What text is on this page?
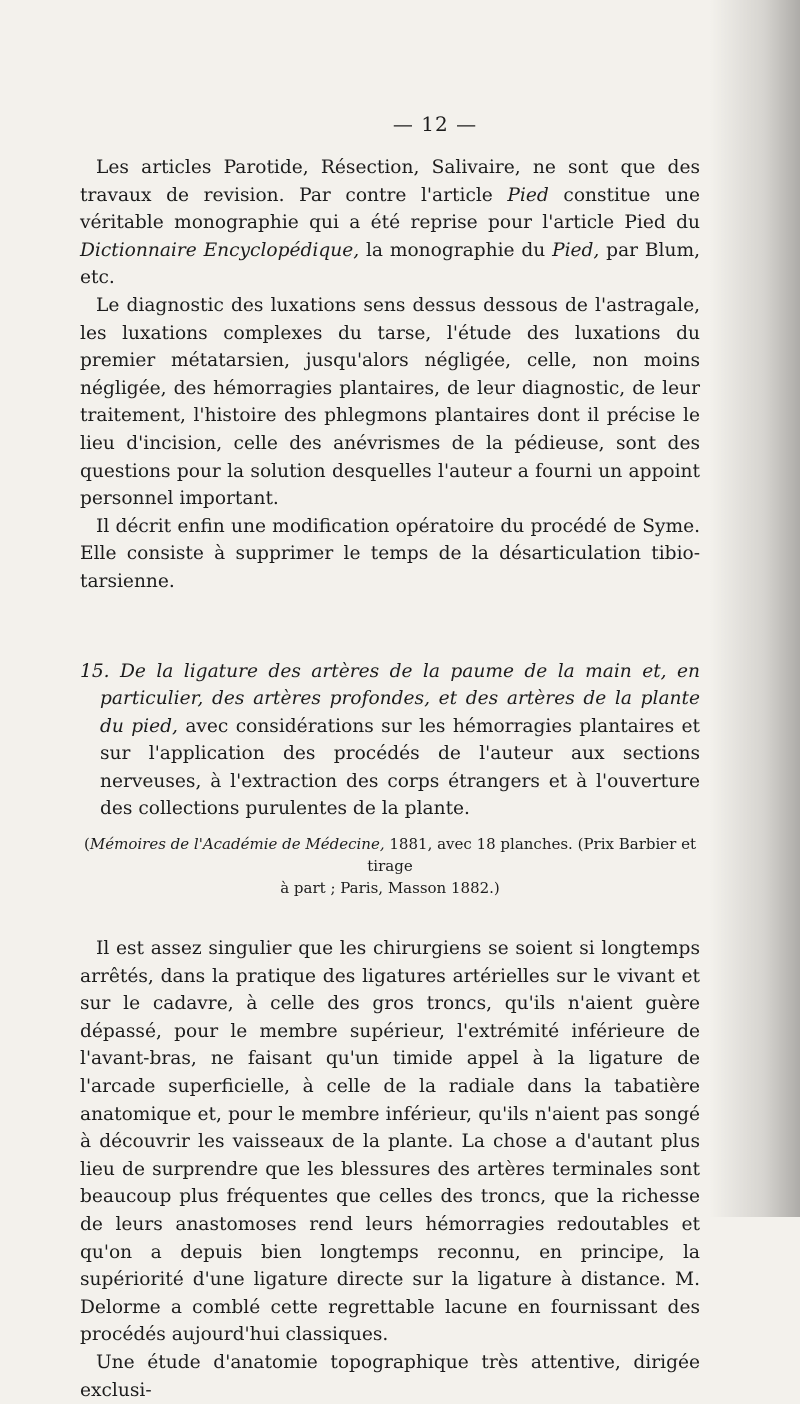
— 12 —

Les articles Parotide, Résection, Salivaire, ne sont que des travaux de revision. Par contre l'article Pied constitue une véritable monographie qui a été reprise pour l'article Pied du Dictionnaire Encyclopédique, la monographie du Pied, par Blum, etc.

Le diagnostic des luxations sens dessus dessous de l'astragale, les luxations complexes du tarse, l'étude des luxations du premier métatarsien, jusqu'alors négligée, celle, non moins négligée, des hémorragies plantaires, de leur diagnostic, de leur traitement, l'histoire des phlegmons plantaires dont il précise le lieu d'incision, celle des anévrismes de la pédieuse, sont des questions pour la solution desquelles l'auteur a fourni un appoint personnel important.

Il décrit enfin une modification opératoire du procédé de Syme. Elle consiste à supprimer le temps de la désarticulation tibio-tarsienne.

15. De la ligature des artères de la paume de la main et, en particulier, des artères profondes, et des artères de la plante du pied, avec considérations sur les hémorragies plantaires et sur l'application des procédés de l'auteur aux sections nerveuses, à l'extraction des corps étrangers et à l'ouverture des collections purulentes de la plante.
(Mémoires de l'Académie de Médecine, 1881, avec 18 planches. (Prix Barbier et tirage
à part ; Paris, Masson 1882.)

Il est assez singulier que les chirurgiens se soient si longtemps arrêtés, dans la pratique des ligatures artérielles sur le vivant et sur le cadavre, à celle des gros troncs, qu'ils n'aient guère dépassé, pour le membre supérieur, l'extrémité inférieure de l'avant-bras, ne faisant qu'un timide appel à la ligature de l'arcade superficielle, à celle de la radiale dans la tabatière anatomique et, pour le membre inférieur, qu'ils n'aient pas songé à découvrir les vaisseaux de la plante. La chose a d'autant plus lieu de surprendre que les blessures des artères terminales sont beaucoup plus fréquentes que celles des troncs, que la richesse de leurs anastomoses rend leurs hémorragies redoutables et qu'on a depuis bien longtemps reconnu, en principe, la supériorité d'une ligature directe sur la ligature à distance. M. Delorme a comblé cette regrettable lacune en fournissant des procédés aujourd'hui classiques.

Une étude d'anatomie topographique très attentive, dirigée exclusi-
